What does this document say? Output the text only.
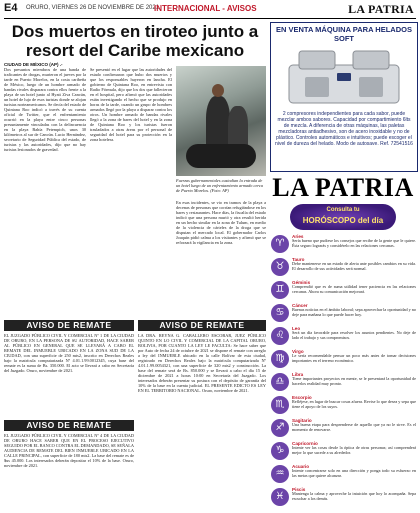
E4 ORURO, VIERNES 26 DE NOVIEMBRE DE 2021
INTERNACIONAL - AVISOS	LA PATRIA
Dos muertos en tiroteo junto a resort del Caribe mexicano
CIUDAD DE MÉXICO (AP) .-
Dos presuntos miembros de una banda de traficantes de drogas, murieron el jueves por la tarde en Puerto Morelos, en la costa caribeña de México, luego de un hombre armado de bandas rivales disparara contra ellos frente a la playa de un hotel junto al Hyatt Ziva Cancún, un hotel de lujo de esos turistas donde se alojan turistas norteamericanos. Se decía del estado de Quintana Roo indicó a través de su cuenta oficial de Twitter, que el enfrentamiento ocurrió en la playa entre cinco personas presuntamente vinculadas con la delincuencia en la playa Bahía Petempich, unos 30 kilómetros al sur de Cancún. Lucio Hernández, secretario de Seguridad Pública del estado, de turistas y las autoridades, dijo que no hay turistas lesionados de gravedad.
Se presentó en el lugar que las autoridades del estado confirmaron que hubo dos muertos y que los responsables huyeron en lancha. El gobierno de Quintana Roo, en entrevista con Radio Fórmula, dijo que los dos que fallecieron en el hospital, pero afirmó que las autoridades están investigando el hecho que se produjo en horas de la tarde, cuando un grupo de hombres armados llegó por la playa a disparar contra los otros. Un hombre armado de bandas rivales llegó a la zona de bares del hotel y en la zona de Quintana Roo y los turistas fueron trasladados a otras áreas por el personal de seguridad del hotel para su protección en la zona hotelera.
Fuerzas gubernamentales custodian la entrada de un hotel luego de un enfrentamiento armado cerca de Puerto Morelos. (Foto: AP)
En esas incidentes, se vio en tramos de la playa a decenas de personas que corrían refugiándose en los bares y restaurantes. Hace días, la fiscalía del estado indicó que una persona murió y otra resultó herida en un hecho similar en la zona de Tulum, en medio de la violencia de cárteles de la droga que se disputan el mercado local. El gobernador Carlos Joaquín pidió calma a los visitantes y afirmó que se reforzará la vigilancia en la zona.
EN VENTA MÁQUINA PARA HELADOS SOFT
2 compresores independientes para cada sabor, puede mezclar ambos sabores. Capacidad por compartimiento 6lts de mezcla. A diferencia de otras máquinas, las paletas mezcladoras antiadhesivo, son de acero inoxidable y no de plástico. Controles automáticos e intuitivos; puede escoger el nivel de dureza del helado. Modo de autosave. Ref. 72541516
LA PATRIA
Consulta tu
HORÓSCOPO del día
♈
Aries
Sería bueno que pudiese los consejos que recibe de la gente que le quiere. Ésta seguro lograrás y considérelo en las relaciones cercanas.
♉
Tauro
Debe mantenerse en un estado de alerta ante posibles cambios en su vida. El desarrollo de sus actividades será normal.
♊
Géminis
Comprendió que es de suma utilidad tener paciencia en las relaciones cercanas. Ahora su comunicación mejorará.
♋
Cáncer
Buenas noticias en el ámbito laboral; sepa aprovechar la oportunidad y no deje para mañana lo que puede hacer hoy.
♌
Leo
Será un día favorable para resolver los asuntos pendientes. No deje de lado el trabajo y sus compromisos.
♍
Virgo
Le sería recomendable pensar un poco más antes de tomar decisiones importantes en el terreno económico.
♎
Libra
Tiene importantes proyectos en mente, se le presentará la oportunidad de hacerlos realidad muy pronto.
♏
Escorpio
Refléjese, en lugar de buscar cosas afuera. Revise lo que desea y sepa que tiene el apoyo de los suyos.
♐
Sagitario
Una buena etapa para desprenderse de aquello que ya no le sirve. Es el momento de renovarse.
♑
Capricornio
Intente ver las cosas desde la óptica de otras personas; así comprenderá mejor lo que sucede a su alrededor.
♒
Acuario
Intente concentrarse solo en una dirección y ponga todo su esfuerzo en las metas que quiere alcanzar.
♓
Piscis
Mantenga la calma y aproveche la intuición que hoy lo acompaña. Sepa escuchar a los demás.
AVISO DE REMATE	AVISO DE REMATE
EL JUZGADO PÚBLICO CIVIL Y COMERCIAL Nº 1 DE LA CIUDAD DE ORURO, EN LA PERSONA DE SU AUTORIDAD, HACE SABER AL PÚBLICO EN GENERAL QUE SE LLEVARÁ A CABO EL REMATE DEL INMUEBLE UBICADO EN LA ZONA SUD DE LA CIUDAD, con una superficie de 250 mts2, inscrito en Derechos Reales bajo la matrícula computarizada Nº 4.01.1.99.0012345, cuya base del remate es la suma de Bs. 350.000. El acto se llevará a cabo en Secretaría del Juzgado. Oruro, noviembre de 2021.
LA DRA. REYNA G. CABALLERO ESCOBAR, JUEZ PÚBLICO QUINTO EN LO CIVIL Y COMERCIAL DE LA CAPITAL ORURO, BOLIVIA, POR CUANTO LA LEY LE FACULTA: Se hace saber que por Auto de fecha 24 de octubre de 2021 se dispone el remate con arreglo a ley del INMUEBLE ubicado en la calle Bolívar de esta ciudad, registrado en Derechos Reales bajo la matrícula computarizada Nº 4.01.1.99.0054321, con una superficie de 320 mts2 y construcción. La base del remate será de Bs. 850.000 y se llevará a cabo el día 15 de diciembre de 2021 a horas 10:00 en Secretaría del Juzgado. Los interesados deberán presentar su postura con el depósito de garantía del 10% de la base en la cuenta judicial. EL PRESENTE EDICTO ES LEY EN EL TERRITORIO NACIONAL. Oruro, noviembre de 2021.
AVISO DE REMATE
EL JUZGADO PÚBLICO CIVIL Y COMERCIAL Nº 4 DE LA CIUDAD DE ORURO HACE SABER QUE EN EL PROCESO EJECUTIVO SEGUIDO POR EL BANCO CONTRA EL DEMANDADO, SE SEÑALA AUDIENCIA DE REMATE DEL BIEN INMUEBLE UBICADO EN LA CALLE PRINCIPAL, con superficie de 180 mts2. La base del remate es de $us 45.000. Los interesados deberán depositar el 10% de la base. Oruro, noviembre de 2021.
